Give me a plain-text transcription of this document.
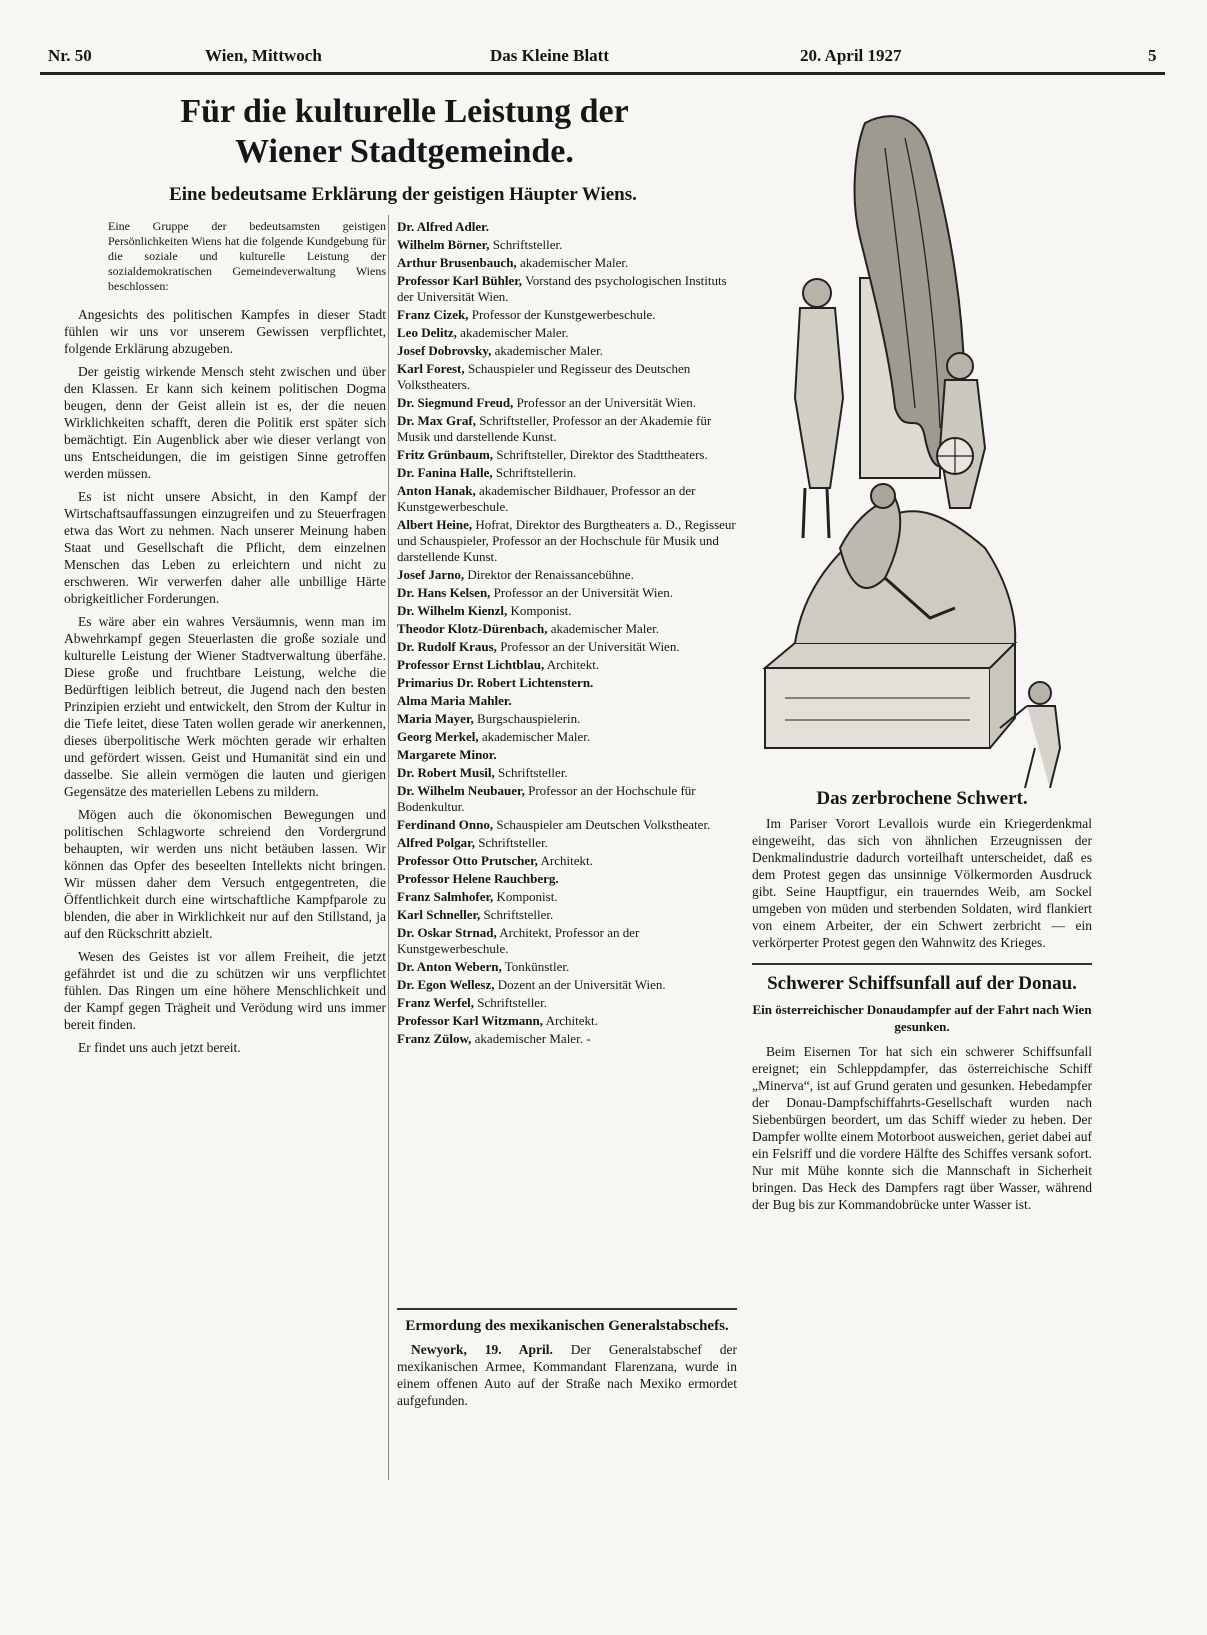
Nr. 50	Wien, Mittwoch	Das Kleine Blatt	20. April 1927	5
Für die kulturelle Leistung der
Wiener Stadtgemeinde.
Eine bedeutsame Erklärung der geistigen Häupter Wiens.

Eine Gruppe der bedeutsamsten geistigen Persönlichkeiten Wiens hat die folgende Kundgebung für die soziale und kulturelle Leistung der sozialdemokratischen Gemeindeverwaltung Wiens beschlossen:

Angesichts des politischen Kampfes in dieser Stadt fühlen wir uns vor unserem Gewissen verpflichtet, folgende Erklärung abzugeben.

Der geistig wirkende Mensch steht zwischen und über den Klassen. Er kann sich keinem politischen Dogma beugen, denn der Geist allein ist es, der die neuen Wirklichkeiten schafft, deren die Politik erst später sich bemächtigt. Ein Augenblick aber wie dieser verlangt von uns Entscheidungen, die im geistigen Sinne getroffen werden müssen.

Es ist nicht unsere Absicht, in den Kampf der Wirtschaftsauffassungen einzugreifen und zu Steuerfragen etwa das Wort zu nehmen. Nach unserer Meinung haben Staat und Gesellschaft die Pflicht, dem einzelnen Menschen das Leben zu erleichtern und nicht zu erschweren. Wir verwerfen daher alle unbillige Härte obrigkeitlicher Forderungen.

Es wäre aber ein wahres Versäumnis, wenn man im Abwehrkampf gegen Steuerlasten die große soziale und kulturelle Leistung der Wiener Stadtverwaltung überfähe. Diese große und fruchtbare Leistung, welche die Bedürftigen leiblich betreut, die Jugend nach den besten Prinzipien erzieht und entwickelt, den Strom der Kultur in die Tiefe leitet, diese Taten wollen gerade wir anerkennen, dieses überpolitische Werk möchten gerade wir erhalten und gefördert wissen. Geist und Humanität sind ein und dasselbe. Sie allein vermögen die lauten und gierigen Gegensätze des materiellen Lebens zu mildern.

Mögen auch die ökonomischen Bewegungen und politischen Schlagworte schreiend den Vordergrund behaupten, wir werden uns nicht betäuben lassen. Wir können das Opfer des beseelten Intellekts nicht bringen. Wir müssen daher dem Versuch entgegentreten, die Öffentlichkeit durch eine wirtschaftliche Kampfparole zu blenden, die aber in Wirklichkeit nur auf den Stillstand, ja auf den Rückschritt abzielt.

Wesen des Geistes ist vor allem Freiheit, die jetzt gefährdet ist und die zu schützen wir uns verpflichtet fühlen. Das Ringen um eine höhere Menschlichkeit und der Kampf gegen Trägheit und Verödung wird uns immer bereit finden.

Er findet uns auch jetzt bereit.

Dr. Alfred Adler.
Wilhelm Börner, Schriftsteller.
Arthur Brusenbauch, akademischer Maler.
Professor Karl Bühler, Vorstand des psychologischen Instituts der Universität Wien.
Franz Cizek, Professor der Kunstgewerbeschule.
Leo Delitz, akademischer Maler.
Josef Dobrovsky, akademischer Maler.
Karl Forest, Schauspieler und Regisseur des Deutschen Volkstheaters.
Dr. Siegmund Freud, Professor an der Universität Wien.
Dr. Max Graf, Schriftsteller, Professor an der Akademie für Musik und darstellende Kunst.
Fritz Grünbaum, Schriftsteller, Direktor des Stadttheaters.
Dr. Fanina Halle, Schriftstellerin.
Anton Hanak, akademischer Bildhauer, Professor an der Kunstgewerbeschule.
Albert Heine, Hofrat, Direktor des Burgtheaters a. D., Regisseur und Schauspieler, Professor an der Hochschule für Musik und darstellende Kunst.
Josef Jarno, Direktor der Renaissancebühne.
Dr. Hans Kelsen, Professor an der Universität Wien.
Dr. Wilhelm Kienzl, Komponist.
Theodor Klotz-Dürenbach, akademischer Maler.
Dr. Rudolf Kraus, Professor an der Universität Wien.
Professor Ernst Lichtblau, Architekt.
Primarius Dr. Robert Lichtenstern.
Alma Maria Mahler.
Maria Mayer, Burgschauspielerin.
Georg Merkel, akademischer Maler.
Margarete Minor.
Dr. Robert Musil, Schriftsteller.
Dr. Wilhelm Neubauer, Professor an der Hochschule für Bodenkultur.
Ferdinand Onno, Schauspieler am Deutschen Volkstheater.
Alfred Polgar, Schriftsteller.
Professor Otto Prutscher, Architekt.
Professor Helene Rauchberg.
Franz Salmhofer, Komponist.
Karl Schneller, Schriftsteller.
Dr. Oskar Strnad, Architekt, Professor an der Kunstgewerbeschule.
Dr. Anton Webern, Tonkünstler.
Dr. Egon Wellesz, Dozent an der Universität Wien.
Franz Werfel, Schriftsteller.
Professor Karl Witzmann, Architekt.
Franz Zülow, akademischer Maler. -
Ermordung des mexikanischen Generalstabschefs.

Newyork, 19. April. Der Generalstabschef der mexikanischen Armee, Kommandant Flarenzana, wurde in einem offenen Auto auf der Straße nach Mexiko ermordet aufgefunden.

Das zerbrochene Schwert.

Im Pariser Vorort Levallois wurde ein Kriegerdenkmal eingeweiht, das sich von ähnlichen Erzeugnissen der Denkmalindustrie dadurch vorteilhaft unterscheidet, daß es dem Protest gegen das unsinnige Völkermorden Ausdruck gibt. Seine Hauptfigur, ein trauerndes Weib, am Sockel umgeben von müden und sterbenden Soldaten, wird flankiert von einem Arbeiter, der ein Schwert zerbricht — ein verkörperter Protest gegen den Wahnwitz des Krieges.

Schwerer Schiffsunfall auf der Donau.
Ein österreichischer Donaudampfer auf der Fahrt nach Wien gesunken.

Beim Eisernen Tor hat sich ein schwerer Schiffsunfall ereignet; ein Schleppdampfer, das österreichische Schiff „Minerva“, ist auf Grund geraten und gesunken. Hebedampfer der Donau-Dampfschiffahrts-Gesellschaft wurden nach Siebenbürgen beordert, um das Schiff wieder zu heben. Der Dampfer wollte einem Motorboot ausweichen, geriet dabei auf ein Felsriff und die vordere Hälfte des Schiffes versank sofort. Nur mit Mühe konnte sich die Mannschaft in Sicherheit bringen. Das Heck des Dampfers ragt über Wasser, während der Bug bis zur Kommandobrücke unter Wasser ist.
